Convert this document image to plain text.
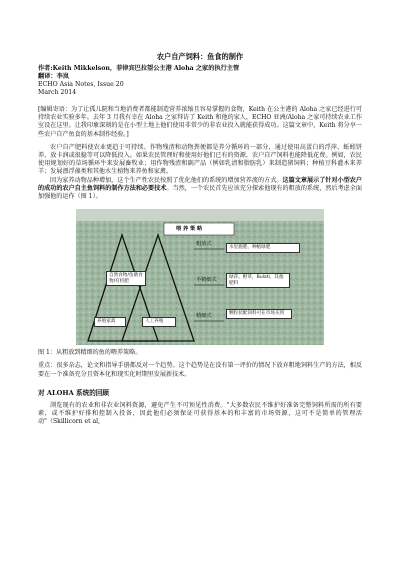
农户自产饲料：鱼食的制作
作者:Keith Mikkelson，菲律宾巴拉望公主港 Aloha 之家的执行主管
翻译：李岚
ECHO Asia Notes, Issue 20
March 2014

[编辑寄语：为了让孤儿院和当地消费者都能制造营养浓缩且容易掌握的食物，Keith 在公主港的 Aloha 之家已经进行可持续农业实验多年。去年 3 月我有幸在 Aloha 之家拜访了 Keith 和他的家人，ECHO 亚洲/Aloha 之家可持续农业工作室设在这里。让我印象深刻的是在小型土地上他们使用非常少的非农业投入就能获得成功。这篇文章中，Keith 将分享一些农户自产鱼食的基本制作经验。]

农户自产肥料使农业更趋于可持续。作物残渣和动物粪便都是养分循环的一部分，通过使用高蛋白的浮萍、蚯蚓饼养，放卡润或很稳等可以降低投入。如果农民管理好和使用好他们已有的资源，农户自产饲料也能降低花费。例如，农民使用规划好的草场循环牛来发展畜牧业；用作物残渣和副产品（例如乳清和脂肪乳）来制造猪饲料；种植豆科灌木来养羊；发展漂浮藻类和其他水生植物来养鱼和家禽。

因为家养动物品种增加，这个生产性农民按照了优化他们的系统的增加营养流的方式。这篇文章展示了针对小型农户的成功的农户自主鱼饲料的制作方法和必要技术。当然，一个农民首先应该充分探索他现有的粗放的系统，然后考虑全面加强他的运作（图 1）。

喂 养 策 略
粗放式
半精细式
精细式
水里施肥、种植绿肥
绿萍、野草，Bulati，其他肥料
颗粒状配饲料可在市场买到
自然食物/鱼塘食物/有机肥
养殖家禽	人工养殖

图 1：从粗放到精细的鱼的喂养策略。

重点：很多杂志，论文和指导手册都反对一个趋势。这个趋势是在没有第一评价的情况下放弃粗地饲料生产的方法，相反要在一个准备充分且资本化和现实化时期里发展新技术。

对 ALOHA 系统的回顾

浏览现有的农业和非农业饲料资源，避免产生不可预见性消费。"大多数农民不维护好准备完整饲料所需的所有要素，或不维护好排和控制入投备，因此他们必须保证可获得基本的和丰富的市场资源，这可不是简单的管理活动"（Skillicorn et al,
